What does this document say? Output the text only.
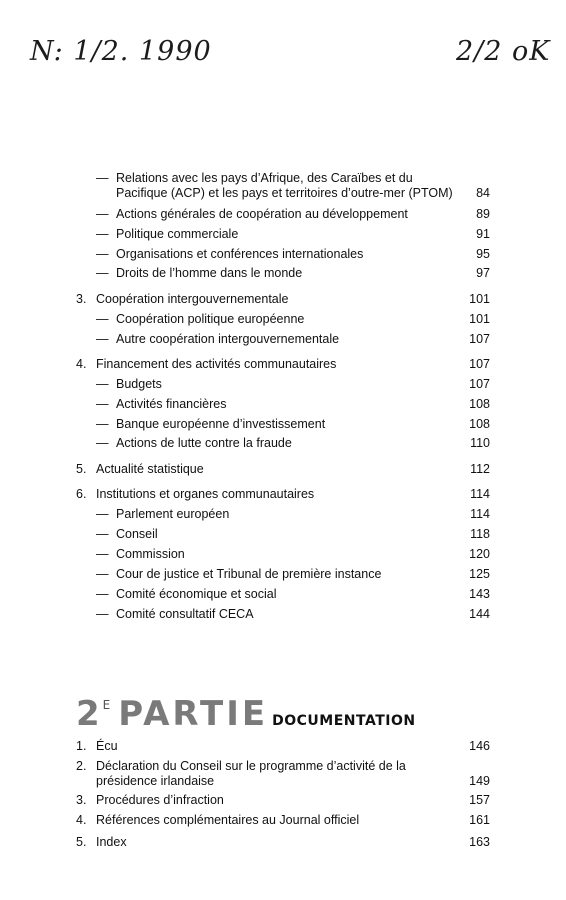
N: 1/2. 1990	2/2 oK
— Relations avec les pays d’Afrique, des Caraïbes et du Pacifique (ACP) et les pays et territoires d’outre-mer (PTOM)	84
— Actions générales de coopération au développement	89
— Politique commerciale	91
— Organisations et conférences internationales	95
— Droits de l’homme dans le monde	97
3. Coopération intergouvernementale	101
— Coopération politique européenne	101
— Autre coopération intergouvernementale	107
4. Financement des activités communautaires	107
— Budgets	107
— Activités financières	108
— Banque européenne d’investissement	108
— Actions de lutte contre la fraude	110
5. Actualité statistique	112
6. Institutions et organes communautaires	114
— Parlement européen	114
— Conseil	118
— Commission	120
— Cour de justice et Tribunal de première instance	125
— Comité économique et social	143
— Comité consultatif CECA	144
$2^E$ PARTIE DOCUMENTATION
1. Écu	146
2. Déclaration du Conseil sur le programme d’activité de la présidence irlandaise	149
3. Procédures d’infraction	157
4. Références complémentaires au Journal officiel	161
5. Index	163
